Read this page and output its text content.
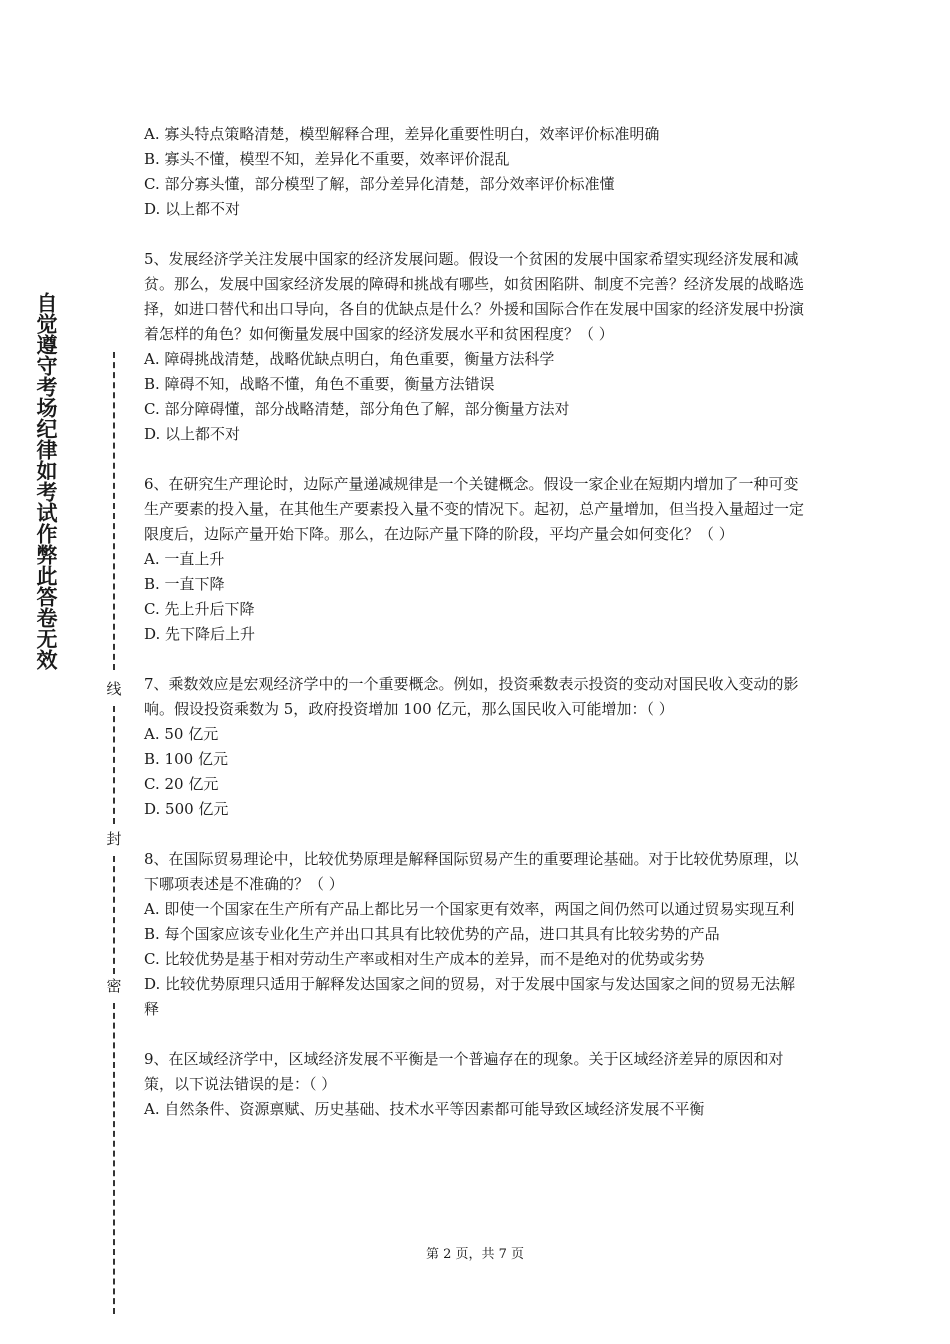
自觉遵守考场纪律如考试作弊此答卷无效
线
封
密
A. 寡头特点策略清楚，模型解释合理，差异化重要性明白，效率评价标准明确
B. 寡头不懂，模型不知，差异化不重要，效率评价混乱
C. 部分寡头懂，部分模型了解，部分差异化清楚，部分效率评价标准懂
D. 以上都不对

5、发展经济学关注发展中国家的经济发展问题。假设一个贫困的发展中国家希望实现经济发展和减贫。那么，发展中国家经济发展的障碍和挑战有哪些，如贫困陷阱、制度不完善？经济发展的战略选择，如进口替代和出口导向，各自的优缺点是什么？外援和国际合作在发展中国家的经济发展中扮演着怎样的角色？如何衡量发展中国家的经济发展水平和贫困程度？（ ）

A. 障碍挑战清楚，战略优缺点明白，角色重要，衡量方法科学
B. 障碍不知，战略不懂，角色不重要，衡量方法错误
C. 部分障碍懂，部分战略清楚，部分角色了解，部分衡量方法对
D. 以上都不对

6、在研究生产理论时，边际产量递减规律是一个关键概念。假设一家企业在短期内增加了一种可变生产要素的投入量，在其他生产要素投入量不变的情况下。起初，总产量增加，但当投入量超过一定限度后，边际产量开始下降。那么，在边际产量下降的阶段，平均产量会如何变化？（ ）

A. 一直上升
B. 一直下降
C. 先上升后下降
D. 先下降后上升

7、乘数效应是宏观经济学中的一个重要概念。例如，投资乘数表示投资的变动对国民收入变动的影响。假设投资乘数为 5，政府投资增加 100 亿元，那么国民收入可能增加：（ ）

A. 50 亿元
B. 100 亿元
C. 20 亿元
D. 500 亿元

8、在国际贸易理论中，比较优势原理是解释国际贸易产生的重要理论基础。对于比较优势原理，以下哪项表述是不准确的？（ ）

A. 即使一个国家在生产所有产品上都比另一个国家更有效率，两国之间仍然可以通过贸易实现互利

B. 每个国家应该专业化生产并出口其具有比较优势的产品，进口其具有比较劣势的产品
C. 比较优势是基于相对劳动生产率或相对生产成本的差异，而不是绝对的优势或劣势

D. 比较优势原理只适用于解释发达国家之间的贸易，对于发展中国家与发达国家之间的贸易无法解释

9、在区域经济学中，区域经济发展不平衡是一个普遍存在的现象。关于区域经济差异的原因和对策，以下说法错误的是：（ ）

A. 自然条件、资源禀赋、历史基础、技术水平等因素都可能导致区域经济发展不平衡
第 2 页，共 7 页
